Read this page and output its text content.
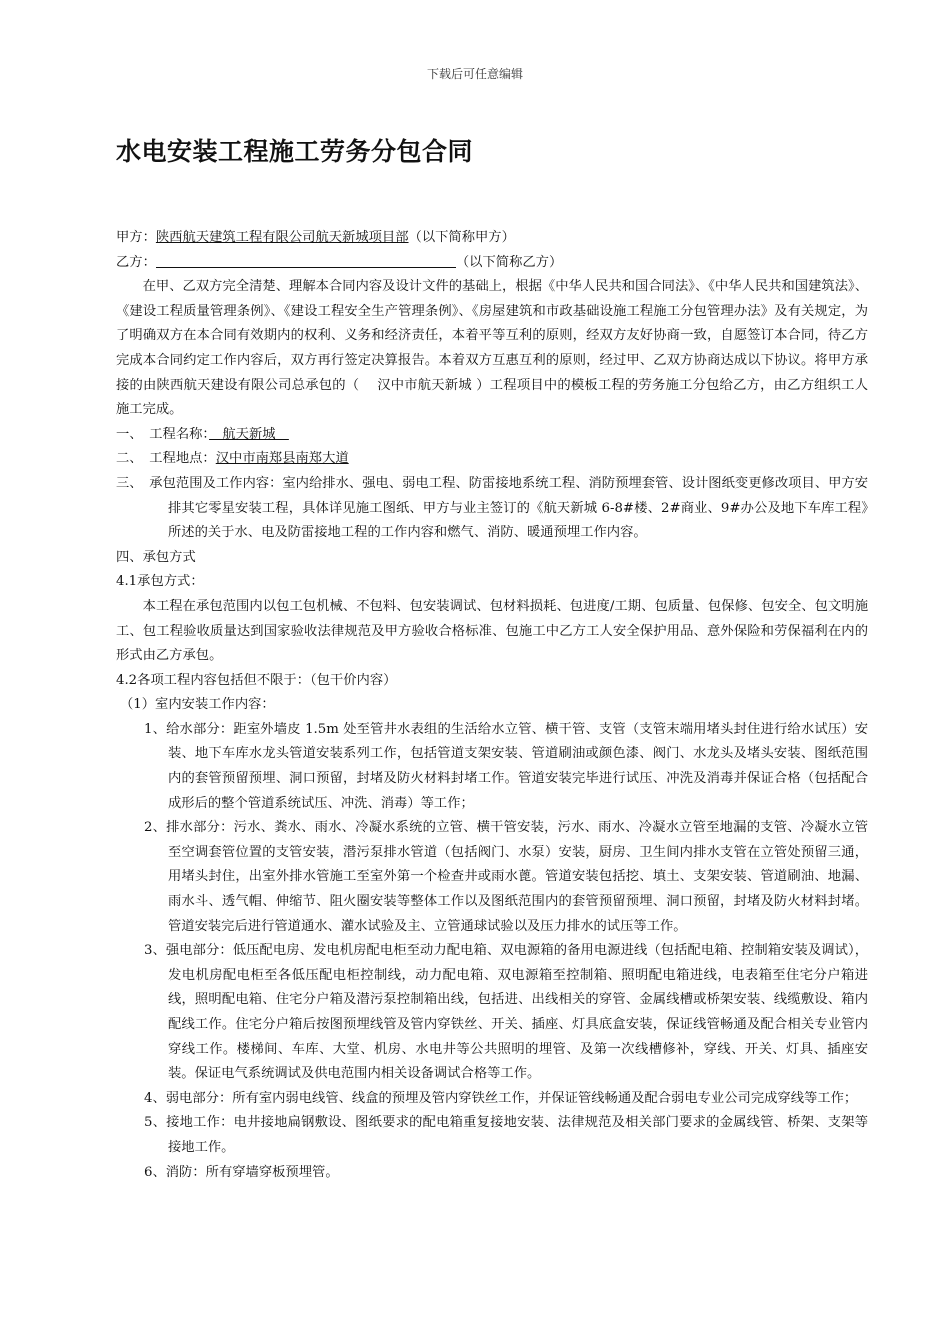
下载后可任意编辑
水电安装工程施工劳务分包合同

甲方：陕西航天建筑工程有限公司航天新城项目部（以下简称甲方）

乙方：	（以下简称乙方）

在甲、乙双方完全清楚、理解本合同内容及设计文件的基础上，根据《中华人民共和国合同法》、《中华人民共和国建筑法》、《建设工程质量管理条例》、《建设工程安全生产管理条例》、《房屋建筑和市政基础设施工程施工分包管理办法》及有关规定，为了明确双方在本合同有效期内的权利、义务和经济责任，本着平等互利的原则，经双方友好协商一致，自愿签订本合同，待乙方完成本合同约定工作内容后，双方再行签定决算报告。本着双方互惠互利的原则，经过甲、乙双方协商达成以下协议。将甲方承接的由陕西航天建设有限公司总承包的（　 汉中市航天新城 ）工程项目中的模板工程的劳务施工分包给乙方，由乙方组织工人施工完成。

一、　工程名称：　航天新城　

二、　工程地点：汉中市南郑县南郑大道

三、　承包范围及工作内容：室内给排水、强电、弱电工程、防雷接地系统工程、消防预埋套管、设计图纸变更修改项目、甲方安排其它零星安装工程，具体详见施工图纸、甲方与业主签订的《航天新城 6-8#楼、2#商业、9#办公及地下车库工程》所述的关于水、电及防雷接地工程的工作内容和燃气、消防、暖通预埋工作内容。

四、承包方式

4.1承包方式：

本工程在承包范围内以包工包机械、不包料、包安装调试、包材料损耗、包进度/工期、包质量、包保修、包安全、包文明施工、包工程验收质量达到国家验收法律规范及甲方验收合格标准、包施工中乙方工人安全保护用品、意外保险和劳保福利在内的形式由乙方承包。

4.2各项工程内容包括但不限于：（包干价内容）

（1）室内安装工作内容：

1、给水部分：距室外墙皮 1.5m 处至管井水表组的生活给水立管、横干管、支管（支管末端用堵头封住进行给水试压）安装、地下车库水龙头管道安装系列工作，包括管道支架安装、管道刷油或颜色漆、阀门、水龙头及堵头安装、图纸范围内的套管预留预埋、洞口预留，封堵及防火材料封堵工作。管道安装完毕进行试压、冲洗及消毒并保证合格（包括配合成形后的整个管道系统试压、冲洗、消毒）等工作；

2、排水部分：污水、粪水、雨水、冷凝水系统的立管、横干管安装，污水、雨水、冷凝水立管至地漏的支管、冷凝水立管至空调套管位置的支管安装，潜污泵排水管道（包括阀门、水泵）安装，厨房、卫生间内排水支管在立管处预留三通，用堵头封住，出室外排水管施工至室外第一个检查井或雨水蓖。管道安装包括挖、填土、支架安装、管道刷油、地漏、雨水斗、透气帽、伸缩节、阻火圈安装等整体工作以及图纸范围内的套管预留预埋、洞口预留，封堵及防火材料封堵。管道安装完后进行管道通水、灌水试验及主、立管通球试验以及压力排水的试压等工作。

3、强电部分：低压配电房、发电机房配电柜至动力配电箱、双电源箱的备用电源进线（包括配电箱、控制箱安装及调试），发电机房配电柜至各低压配电柜控制线，动力配电箱、双电源箱至控制箱、照明配电箱进线，电表箱至住宅分户箱进线，照明配电箱、住宅分户箱及潜污泵控制箱出线，包括进、出线相关的穿管、金属线槽或桥架安装、线缆敷设、箱内配线工作。住宅分户箱后按图预埋线管及管内穿铁丝、开关、插座、灯具底盒安装，保证线管畅通及配合相关专业管内穿线工作。楼梯间、车库、大堂、机房、水电井等公共照明的埋管、及第一次线槽修补，穿线、开关、灯具、插座安装。保证电气系统调试及供电范围内相关设备调试合格等工作。

4、弱电部分：所有室内弱电线管、线盒的预埋及管内穿铁丝工作，并保证管线畅通及配合弱电专业公司完成穿线等工作；

5、接地工作：电井接地扁钢敷设、图纸要求的配电箱重复接地安装、法律规范及相关部门要求的金属线管、桥架、支架等接地工作。

6、消防：所有穿墙穿板预埋管。
